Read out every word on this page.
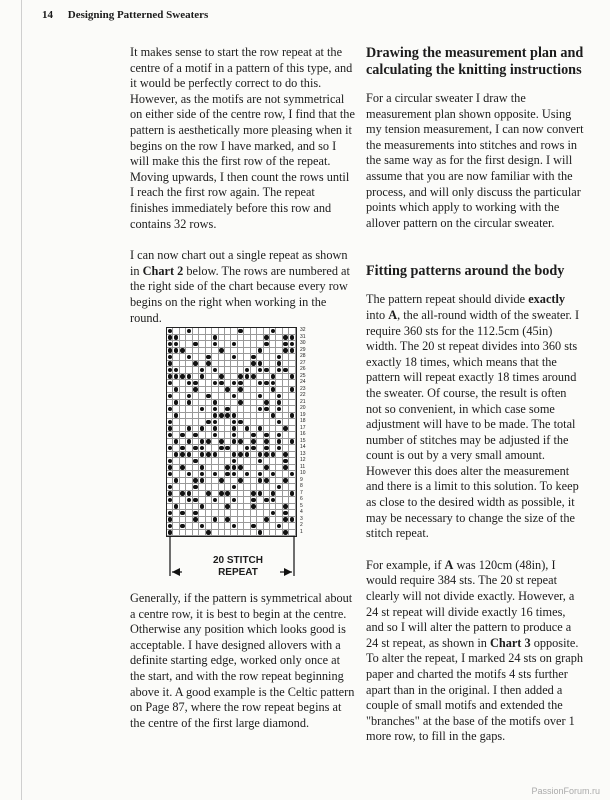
14 Designing Patterned Sweaters

It makes sense to start the row repeat at the centre of a motif in a pattern of this type, and it would be perfectly correct to do this. However, as the motifs are not symmetrical on either side of the centre row, I find that the pattern is aesthetically more pleasing when it begins on the row I have marked, and so I will make this the first row of the repeat. Moving upwards, I then count the rows until I reach the first row again. The repeat finishes immediately before this row and contains 32 rows.

I can now chart out a single repeat as shown in Chart 2 below. The rows are numbered at the right side of the chart because every row begins on the right when working in the round.

32
31
30
29
28
27
26
25
24
23
22
21
20
19
18
17
16
15
14
13
12
11
10
9
8
7
6
5
4
3
2
1
20 STITCH
REPEAT

Generally, if the pattern is symmetrical about a centre row, it is best to begin at the centre. Otherwise any position which looks good is acceptable. I have designed allovers with a definite starting edge, worked only once at the start, and with the row repeat beginning above it. A good example is the Celtic pattern on Page 87, where the row repeat begins at the centre of the first large diamond.

Drawing the measurement plan and calculating the knitting instructions

For a circular sweater I draw the measurement plan shown opposite. Using my tension measurement, I can now convert the measurements into stitches and rows in the same way as for the first design. I will assume that you are now familiar with the process, and will only discuss the particular points which apply to working with the allover pattern on the circular sweater.

Fitting patterns around the body

The pattern repeat should divide exactly into A, the all-round width of the sweater. I require 360 sts for the 112.5cm (45in) width. The 20 st repeat divides into 360 sts exactly 18 times, which means that the pattern will repeat exactly 18 times around the sweater. Of course, the result is often not so convenient, in which case some adjustment will have to be made. The total number of stitches may be adjusted if the count is out by a very small amount. However this does alter the measurement and there is a limit to this solution. To keep as close to the desired width as possible, it may be necessary to change the size of the stitch repeat.

For example, if A was 120cm (48in), I would require 384 sts. The 20 st repeat clearly will not divide exactly. However, a 24 st repeat will divide exactly 16 times, and so I will alter the pattern to produce a 24 st repeat, as shown in Chart 3 opposite. To alter the repeat, I marked 24 sts on graph paper and charted the motifs 4 sts further apart than in the original. I then added a couple of small motifs and extended the "branches" at the base of the motifs over 1 more row, to fill in the gaps.

PassionForum.ru
